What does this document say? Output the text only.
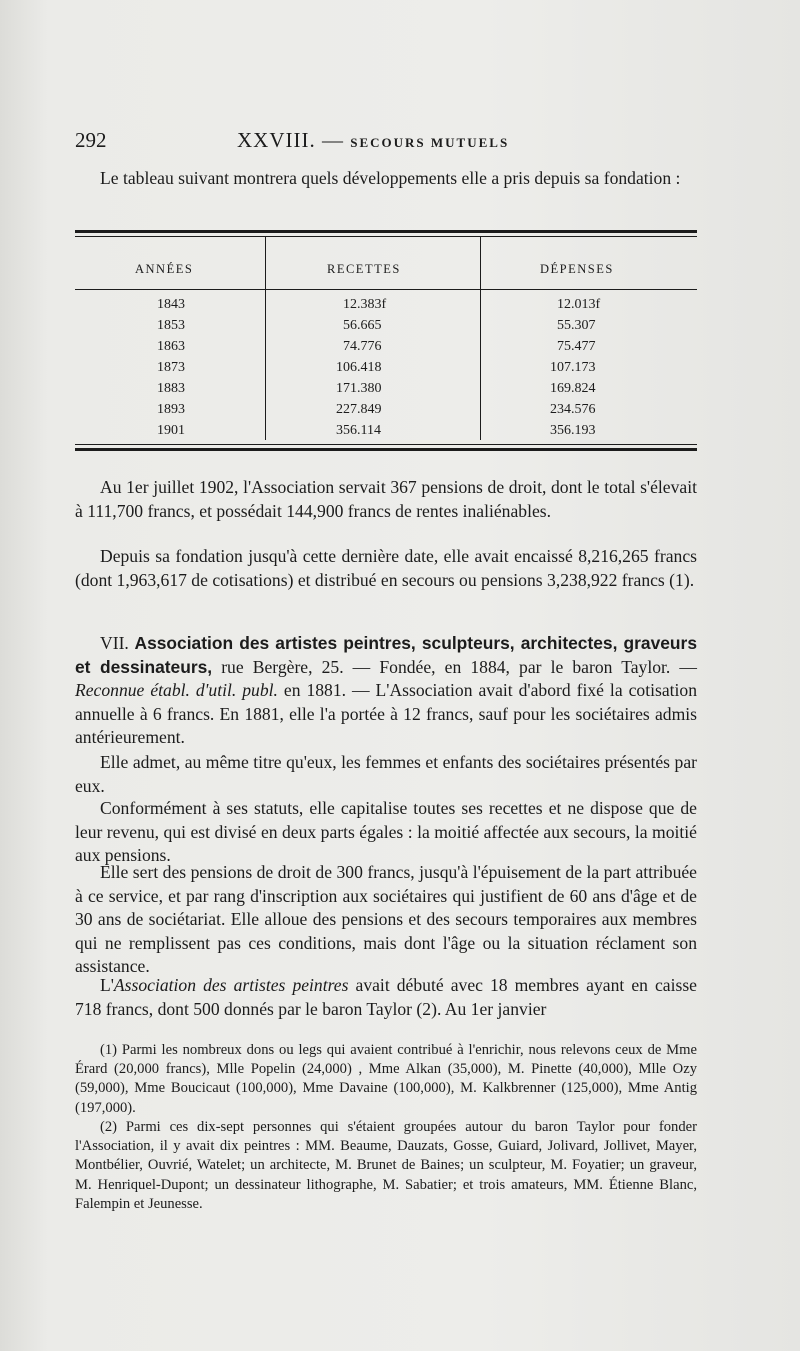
292	XXVIII. — SECOURS MUTUELS

Le tableau suivant montrera quels développements elle a pris depuis sa fondation :

ANNÉES	RECETTES	DÉPENSES
1843	12.383f	12.013f
1853	56.665	55.307
1863	74.776	75.477
1873	106.418	107.173
1883	171.380	169.824
1893	227.849	234.576
1901	356.114	356.193

Au 1er juillet 1902, l'Association servait 367 pensions de droit, dont le total s'élevait à 111,700 francs, et possédait 144,900 francs de rentes inaliénables.

Depuis sa fondation jusqu'à cette dernière date, elle avait encaissé 8,216,265 francs (dont 1,963,617 de cotisations) et distribué en secours ou pensions 3,238,922 francs (1).

VII. Association des artistes peintres, sculpteurs, architectes, graveurs et dessinateurs, rue Bergère, 25. — Fondée, en 1884, par le baron Taylor. — Reconnue établ. d'util. publ. en 1881. — L'Association avait d'abord fixé la cotisation annuelle à 6 francs. En 1881, elle l'a portée à 12 francs, sauf pour les sociétaires admis antérieurement.

Elle admet, au même titre qu'eux, les femmes et enfants des sociétaires présentés par eux.

Conformément à ses statuts, elle capitalise toutes ses recettes et ne dispose que de leur revenu, qui est divisé en deux parts égales : la moitié affectée aux secours, la moitié aux pensions.

Elle sert des pensions de droit de 300 francs, jusqu'à l'épuisement de la part attribuée à ce service, et par rang d'inscription aux sociétaires qui justifient de 60 ans d'âge et de 30 ans de sociétariat. Elle alloue des pensions et des secours temporaires aux membres qui ne remplissent pas ces conditions, mais dont l'âge ou la situation réclament son assistance.

L'Association des artistes peintres avait débuté avec 18 membres ayant en caisse 718 francs, dont 500 donnés par le baron Taylor (2). Au 1er janvier

(1) Parmi les nombreux dons ou legs qui avaient contribué à l'enrichir, nous relevons ceux de Mme Érard (20,000 francs), Mlle Popelin (24,000) , Mme Alkan (35,000), M. Pinette (40,000), Mlle Ozy (59,000), Mme Boucicaut (100,000), Mme Davaine (100,000), M. Kalkbrenner (125,000), Mme Antig (197,000).

(2) Parmi ces dix-sept personnes qui s'étaient groupées autour du baron Taylor pour fonder l'Association, il y avait dix peintres : MM. Beaume, Dauzats, Gosse, Guiard, Jolivard, Jollivet, Mayer, Montbélier, Ouvrié, Watelet; un architecte, M. Brunet de Baines; un sculpteur, M. Foyatier; un graveur, M. Henriquel-Dupont; un dessinateur lithographe, M. Sabatier; et trois amateurs, MM. Étienne Blanc, Falempin et Jeunesse.
